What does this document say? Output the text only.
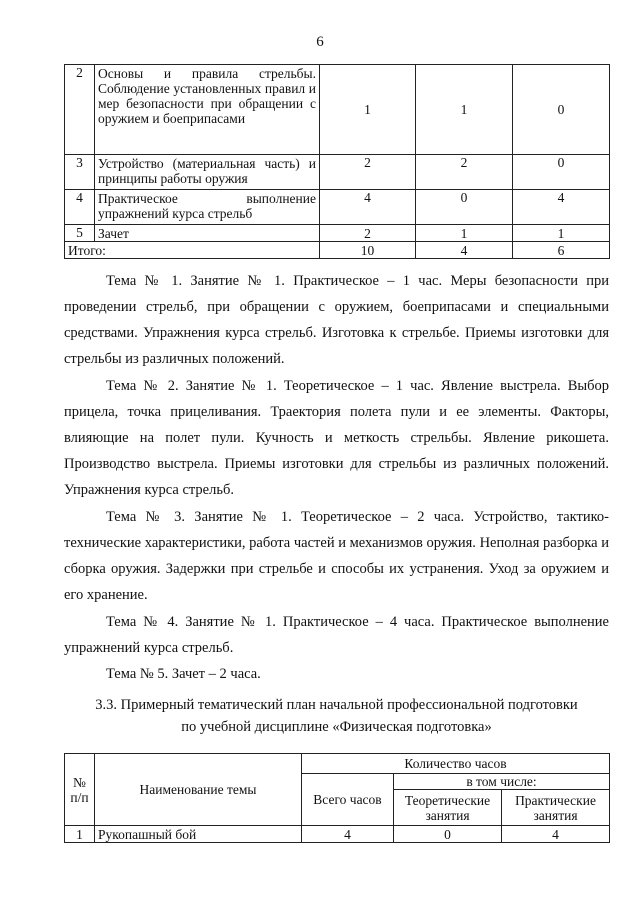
6
2	Основы и правила стрельбы. Соблюдение установленных правил и мер безопасности при обращении с оружием и боеприпасами	1	1	0
3	Устройство (материальная часть) и принципы работы оружия	2	2	0
4	Практическое выполнение упражнений курса стрельб	4	0	4
5	Зачет	2	1	1
Итого:		10	4	6

Тема № 1. Занятие № 1. Практическое – 1 час. Меры безопасности при проведении стрельб, при обращении с оружием, боеприпасами и специальными средствами. Упражнения курса стрельб. Изготовка к стрельбе. Приемы изготовки для стрельбы из различных положений.

Тема № 2. Занятие № 1. Теоретическое – 1 час. Явление выстрела. Выбор прицела, точка прицеливания. Траектория полета пули и ее элементы. Факторы, влияющие на полет пули. Кучность и меткость стрельбы. Явление рикошета. Производство выстрела. Приемы изготовки для стрельбы из различных положений. Упражнения курса стрельб.

Тема № 3. Занятие № 1. Теоретическое – 2 часа. Устройство, тактико-технические характеристики, работа частей и механизмов оружия. Неполная разборка и сборка оружия. Задержки при стрельбе и способы их устранения. Уход за оружием и его хранение.

Тема № 4. Занятие № 1. Практическое – 4 часа. Практическое выполнение упражнений курса стрельб.

Тема № 5. Зачет – 2 часа.

3.3. Примерный тематический план начальной профессиональной подготовки
по учебной дисциплине «Физическая подготовка»
№ п/п	Наименование темы	Количество часов		
		Всего часов	в том числе:	
			Теоретические занятия	Практические занятия
1	Рукопашный бой	4	0	4
